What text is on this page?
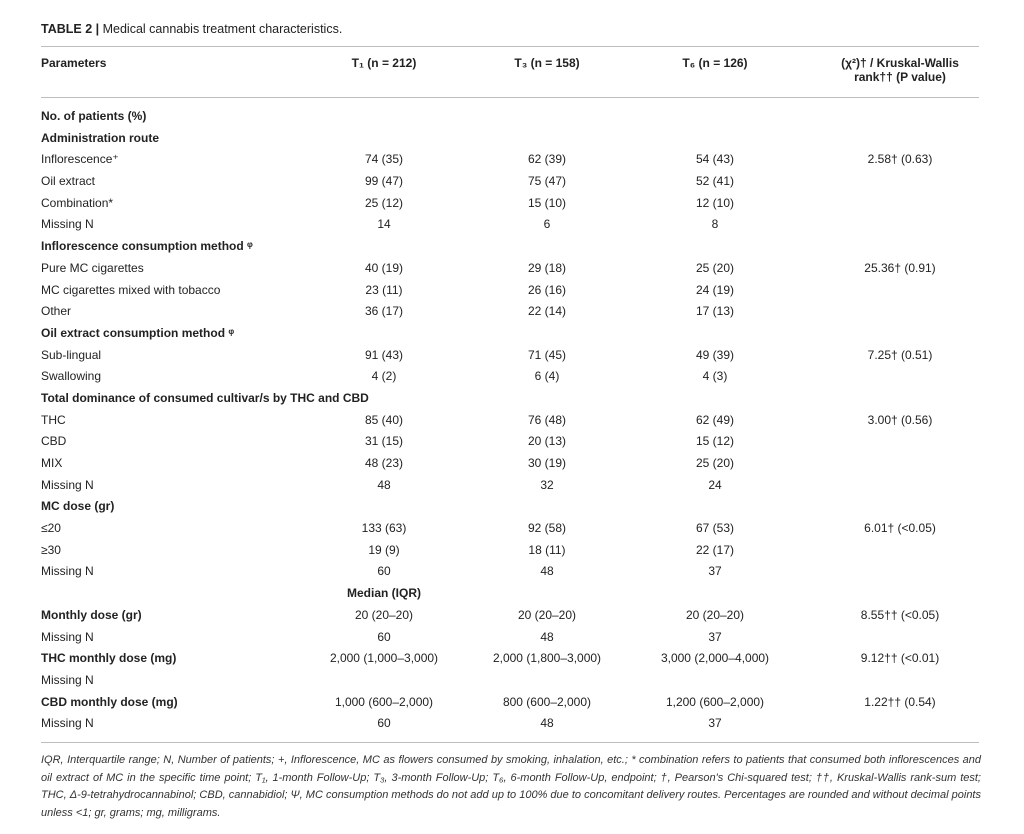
TABLE 2 | Medical cannabis treatment characteristics.
Parameters	T₁ (n = 212)	T₃ (n = 158)	T₆ (n = 126)	(χ²)† / Kruskal-Wallis
rank†† (P value)
No. of patients (%)
Administration route
Inflorescence⁺	74 (35)	62 (39)	54 (43)	2.58† (0.63)
Oil extract	99 (47)	75 (47)	52 (41)
Combination*	25 (12)	15 (10)	12 (10)
Missing N	14	6	8
Inflorescence consumption method ᵠ
Pure MC cigarettes	40 (19)	29 (18)	25 (20)	25.36† (0.91)
MC cigarettes mixed with tobacco	23 (11)	26 (16)	24 (19)
Other	36 (17)	22 (14)	17 (13)
Oil extract consumption method ᵠ
Sub-lingual	91 (43)	71 (45)	49 (39)	7.25† (0.51)
Swallowing	4 (2)	6 (4)	4 (3)
Total dominance of consumed cultivar/s by THC and CBD
THC	85 (40)	76 (48)	62 (49)	3.00† (0.56)
CBD	31 (15)	20 (13)	15 (12)
MIX	48 (23)	30 (19)	25 (20)
Missing N	48	32	24
MC dose (gr)
≤20	133 (63)	92 (58)	67 (53)	6.01† (<0.05)
≥30	19 (9)	18 (11)	22 (17)
Missing N	60	48	37
Median (IQR)
Monthly dose (gr)	20 (20–20)	20 (20–20)	20 (20–20)	8.55†† (<0.05)
Missing N	60	48	37
THC monthly dose (mg)	2,000 (1,000–3,000)	2,000 (1,800–3,000)	3,000 (2,000–4,000)	9.12†† (<0.01)
Missing N
CBD monthly dose (mg)	1,000 (600–2,000)	800 (600–2,000)	1,200 (600–2,000)	1.22†† (0.54)
Missing N	60	48	37
IQR, Interquartile range; N, Number of patients; +, Inflorescence, MC as flowers consumed by smoking, inhalation, etc.; * combination refers to patients that consumed both inflorescences and oil extract of MC in the specific time point; T₁, 1-month Follow-Up; T₃, 3-month Follow-Up; T₆, 6-month Follow-Up, endpoint; †, Pearson's Chi-squared test; ††, Kruskal-Wallis rank-sum test; THC, Δ-9-tetrahydrocannabinol; CBD, cannabidiol; Ψ, MC consumption methods do not add up to 100% due to concomitant delivery routes. Percentages are rounded and without decimal points unless <1; gr, grams; mg, milligrams.
